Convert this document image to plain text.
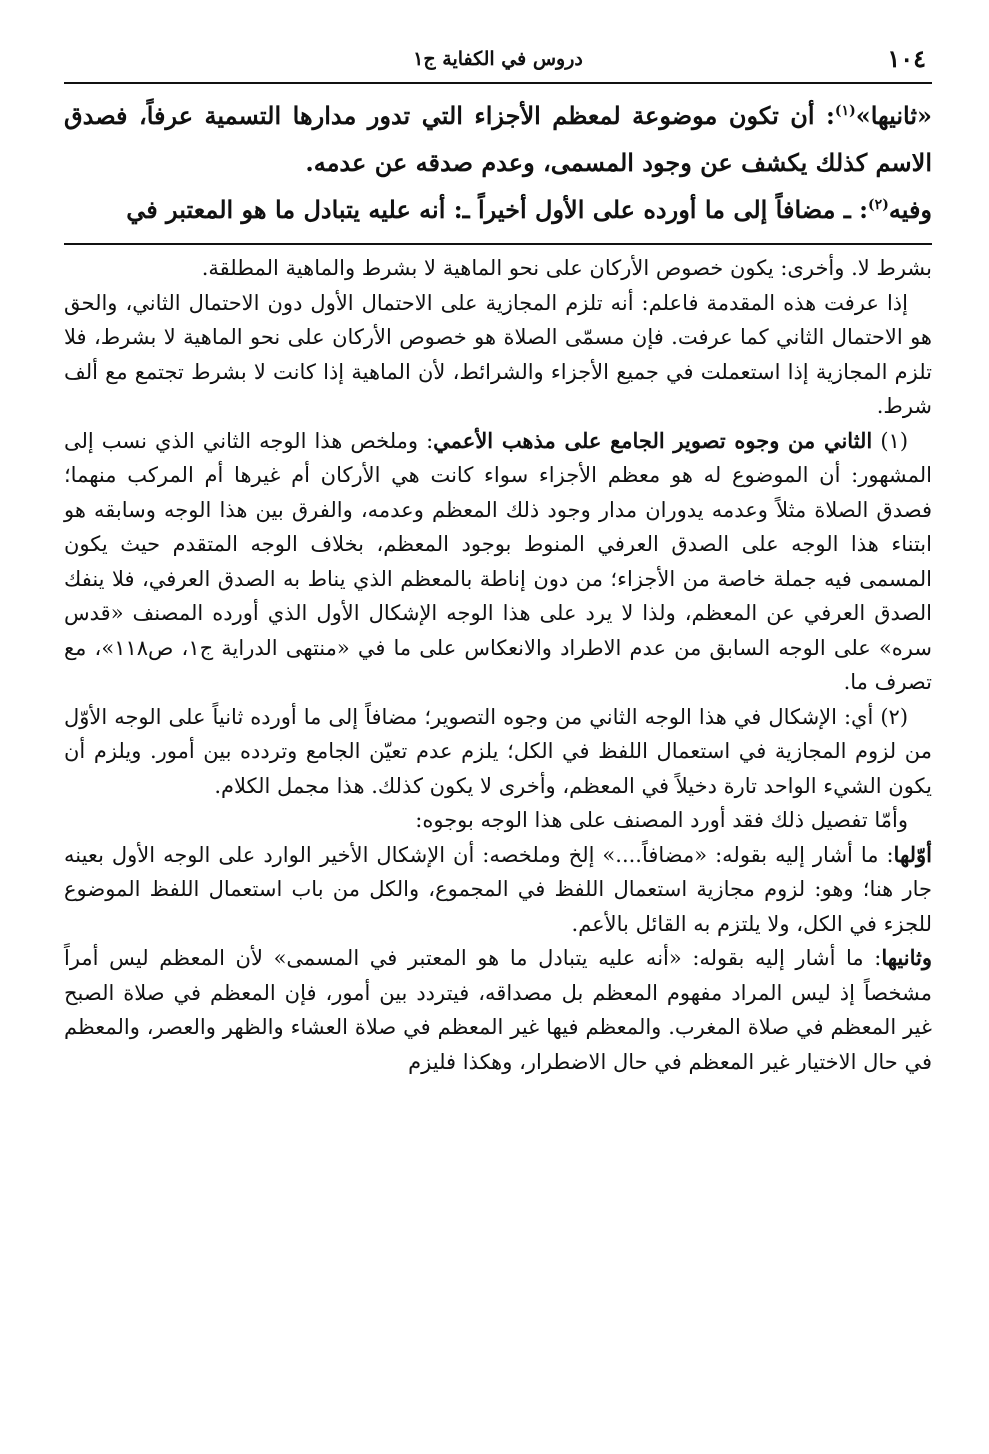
١٠٤
دروس في الكفاية ج١

«ثانيها»$^{(١)}$: أن تكون موضوعة لمعظم الأجزاء التي تدور مدارها التسمية عرفاً، فصدق الاسم كذلك يكشف عن وجود المسمى، وعدم صدقه عن عدمه.

وفيه$^{(٢)}$: ـ مضافاً إلى ما أورده على الأول أخيراً ـ: أنه عليه يتبادل ما هو المعتبر في

بشرط لا. وأخرى: يكون خصوص الأركان على نحو الماهية لا بشرط والماهية المطلقة.

إذا عرفت هذه المقدمة فاعلم: أنه تلزم المجازية على الاحتمال الأول دون الاحتمال الثاني، والحق هو الاحتمال الثاني كما عرفت. فإن مسمّى الصلاة هو خصوص الأركان على نحو الماهية لا بشرط، فلا تلزم المجازية إذا استعملت في جميع الأجزاء والشرائط، لأن الماهية إذا كانت لا بشرط تجتمع مع ألف شرط.

(١) الثاني من وجوه تصوير الجامع على مذهب الأعمي: وملخص هذا الوجه الثاني الذي نسب إلى المشهور: أن الموضوع له هو معظم الأجزاء سواء كانت هي الأركان أم غيرها أم المركب منهما؛ فصدق الصلاة مثلاً وعدمه يدوران مدار وجود ذلك المعظم وعدمه، والفرق بين هذا الوجه وسابقه هو ابتناء هذا الوجه على الصدق العرفي المنوط بوجود المعظم، بخلاف الوجه المتقدم حيث يكون المسمى فيه جملة خاصة من الأجزاء؛ من دون إناطة بالمعظم الذي يناط به الصدق العرفي، فلا ينفك الصدق العرفي عن المعظم، ولذا لا يرد على هذا الوجه الإشكال الأول الذي أورده المصنف «قدس سره» على الوجه السابق من عدم الاطراد والانعكاس على ما في «منتهى الدراية ج١، ص١١٨»، مع تصرف ما.

(٢) أي: الإشكال في هذا الوجه الثاني من وجوه التصوير؛ مضافاً إلى ما أورده ثانياً على الوجه الأوّل من لزوم المجازية في استعمال اللفظ في الكل؛ يلزم عدم تعيّن الجامع وتردده بين أمور. ويلزم أن يكون الشيء الواحد تارة دخيلاً في المعظم، وأخرى لا يكون كذلك. هذا مجمل الكلام.

وأمّا تفصيل ذلك فقد أورد المصنف على هذا الوجه بوجوه:

أوّلها: ما أشار إليه بقوله: «مضافاً....» إلخ وملخصه: أن الإشكال الأخير الوارد على الوجه الأول بعينه جار هنا؛ وهو: لزوم مجازية استعمال اللفظ في المجموع، والكل من باب استعمال اللفظ الموضوع للجزء في الكل، ولا يلتزم به القائل بالأعم.

وثانيها: ما أشار إليه بقوله: «أنه عليه يتبادل ما هو المعتبر في المسمى» لأن المعظم ليس أمراً مشخصاً إذ ليس المراد مفهوم المعظم بل مصداقه، فيتردد بين أمور، فإن المعظم في صلاة الصبح غير المعظم في صلاة المغرب. والمعظم فيها غير المعظم في صلاة العشاء والظهر والعصر، والمعظم في حال الاختيار غير المعظم في حال الاضطرار، وهكذا فليزم
